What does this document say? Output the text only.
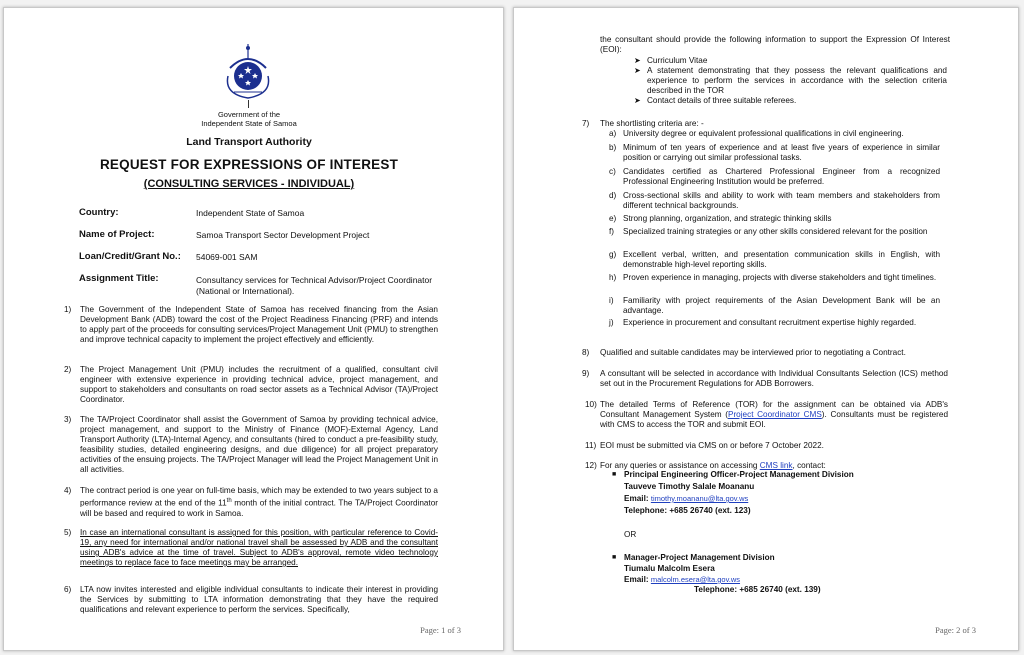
Government of the
Independent State of Samoa
Land Transport Authority
REQUEST FOR EXPRESSIONS OF INTEREST
(CONSULTING SERVICES - INDIVIDUAL)
Country:	Independent State of Samoa
Name of Project:	Samoa Transport Sector Development Project
Loan/Credit/Grant No.: 54069-001 SAM
Assignment Title:	Consultancy services for Technical Advisor/Project Coordinator (National or International).
1) The Government of the Independent State of Samoa has received financing from the Asian Development Bank (ADB) toward the cost of the Project Readiness Financing (PRF) and intends to apply part of the proceeds for consulting services/Project Management Unit (PMU) to strengthen and improve technical capacity to implement the project effectively and efficiently.
2) The Project Management Unit (PMU) includes the recruitment of a qualified, consultant civil engineer with extensive experience in providing technical advice, project management, and support to stakeholders and consultants on road sector assets as a Technical Advisor (TA)/Project Coordinator.
3) The TA/Project Coordinator shall assist the Government of Samoa by providing technical advice, project management, and support to the Ministry of Finance (MOF)-External Agency, Land Transport Authority (LTA)-Internal Agency, and consultants (hired to conduct a pre-feasibility study, feasibility studies, detailed engineering designs, and due diligence) for all project preparatory activities of the ensuing projects. The TA/Project Manager will lead the Project Management Unit in all activities.
4) The contract period is one year on full-time basis, which may be extended to two years subject to a performance review at the end of the 11th month of the initial contract. The TA/Project Coordinator will be based and required to work in Samoa.
5) In case an international consultant is assigned for this position, with particular reference to Covid-19, any need for international and/or national travel shall be assessed by ADB and the consultant using ADB's advice at the time of travel. Subject to ADB's approval, remote video technology meetings to replace face to face meetings may be arranged.
6) LTA now invites interested and eligible individual consultants to indicate their interest in providing the Services by submitting to LTA information demonstrating that they have the required qualifications and relevant experience to perform the services. Specifically,
Page: 1 of 3
the consultant should provide the following information to support the Expression Of Interest (EOI):
➤ Curriculum Vitae
➤ A statement demonstrating that they possess the relevant qualifications and experience to perform the services in accordance with the selection criteria described in the TOR
➤ Contact details of three suitable referees.
7) The shortlisting criteria are: -
a) University degree or equivalent professional qualifications in civil engineering.
b) Minimum of ten years of experience and at least five years of experience in similar position or carrying out similar professional tasks.
c) Candidates certified as Chartered Professional Engineer from a recognized Professional Engineering Institution would be preferred.
d) Cross-sectional skills and ability to work with team members and stakeholders from different technical backgrounds.
e) Strong planning, organization, and strategic thinking skills
f) Specialized training strategies or any other skills considered relevant for the position
g) Excellent verbal, written, and presentation communication skills in English, with demonstrable high-level reporting skills.
h) Proven experience in managing, projects with diverse stakeholders and tight timelines.
i) Familiarity with project requirements of the Asian Development Bank will be an advantage.
j) Experience in procurement and consultant recruitment expertise highly regarded.
8) Qualified and suitable candidates may be interviewed prior to negotiating a Contract.
9) A consultant will be selected in accordance with Individual Consultants Selection (ICS) method set out in the Procurement Regulations for ADB Borrowers.
10) The detailed Terms of Reference (TOR) for the assignment can be obtained via ADB's Consultant Management System (Project Coordinator CMS). Consultants must be registered with CMS to access the TOR and submit EOI.
11) EOI must be submitted via CMS on or before 7 October 2022.
12) For any queries or assistance on accessing CMS link, contact:
■ Principal Engineering Officer-Project Management Division
Tauveve Timothy Salale Moananu
Email: timothy.moananu@lta.gov.ws
Telephone: +685 26740 (ext. 123)
OR
■ Manager-Project Management Division
Tiumalu Malcolm Esera
Email: malcolm.esera@lta.gov.ws
Telephone: +685 26740 (ext. 139)
Page: 2 of 3
